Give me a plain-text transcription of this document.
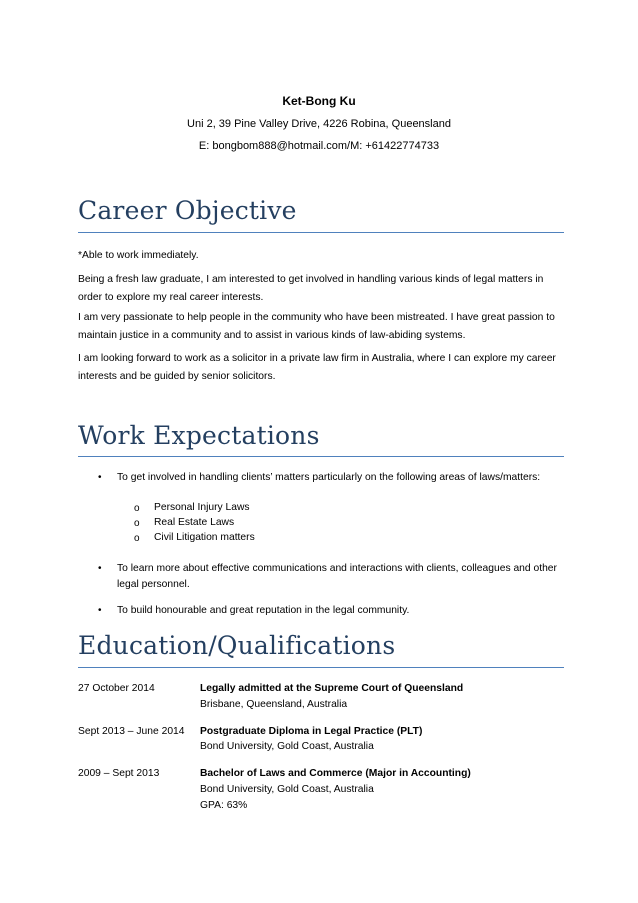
Ket-Bong Ku
Uni 2, 39 Pine Valley Drive, 4226 Robina, Queensland
E: bongbom888@hotmail.com/M: +61422774733
Career Objective
*Able to work immediately.
Being a fresh law graduate, I am interested to get involved in handling various kinds of legal matters in order to explore my real career interests.
I am very passionate to help people in the community who have been mistreated. I have great passion to maintain justice in a community and to assist in various kinds of law-abiding systems.
I am looking forward to work as a solicitor in a private law firm in Australia, where I can explore my career interests and be guided by senior solicitors.
Work Expectations
•	To get involved in handling clients’ matters particularly on the following areas of laws/matters:
o Personal Injury Laws
o Real Estate Laws
o Civil Litigation matters
•	To learn more about effective communications and interactions with clients, colleagues and other legal personnel.
•	To build honourable and great reputation in the legal community.
Education/Qualifications
27 October 2014	Legally admitted at the Supreme Court of Queensland
Brisbane, Queensland, Australia
Sept 2013 – June 2014 Postgraduate Diploma in Legal Practice (PLT)
Bond University, Gold Coast, Australia
2009 – Sept 2013	Bachelor of Laws and Commerce (Major in Accounting)
Bond University, Gold Coast, Australia
GPA: 63%
